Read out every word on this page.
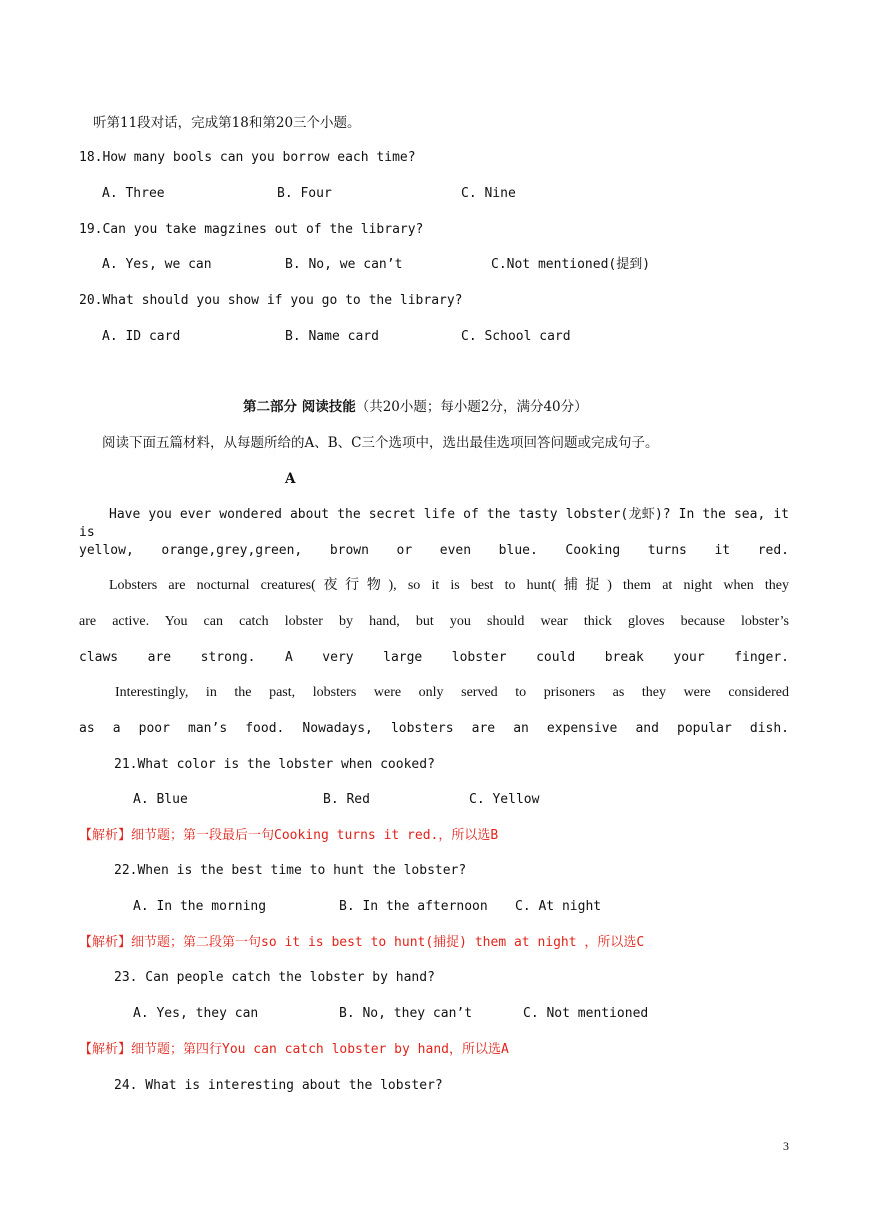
听第11段对话，完成第18和第20三个小题。
18.How many bools can you borrow each time?
A. Three	B. Four	C. Nine
19.Can you take magzines out of the library?
A. Yes, we can	B. No, we can’t	C.Not mentioned(提到)
20.What should you show if you go to the library?
A. ID card	B. Name card	C. School card
第二部分 阅读技能（共20小题；每小题2分，满分40分）
阅读下面五篇材料，从每题所给的A、B、C三个选项中，选出最佳选项回答问题或完成句子。
A
Have you ever wondered about the secret life of the tasty lobster(龙虾)? In the sea, it is
yellow, orange,grey,green, brown or even blue. Cooking turns it red.
Lobsters are nocturnal creatures(夜行物), so it is best to hunt(捕捉) them at night when they
are active. You can catch lobster by hand, but you should wear thick gloves because lobster’s
claws are strong. A very large lobster could break your finger.
Interestingly, in the past, lobsters were only served to prisoners as they were considered
as a poor man’s food. Nowadays, lobsters are an expensive and popular dish.
21.What color is the lobster when cooked?
A. Blue	B. Red	C. Yellow
【解析】细节题；第一段最后一句Cooking turns it red.，所以选B
22.When is the best time to hunt the lobster?
A. In the morning	B. In the afternoon C. At night
【解析】细节题；第二段第一句so it is best to hunt(捕捉) them at night ，所以选C
23. Can people catch the lobster by hand?
A. Yes, they can	B. No, they can’t	C. Not mentioned
【解析】细节题；第四行You can catch lobster by hand，所以选A
24. What is interesting about the lobster?
3
